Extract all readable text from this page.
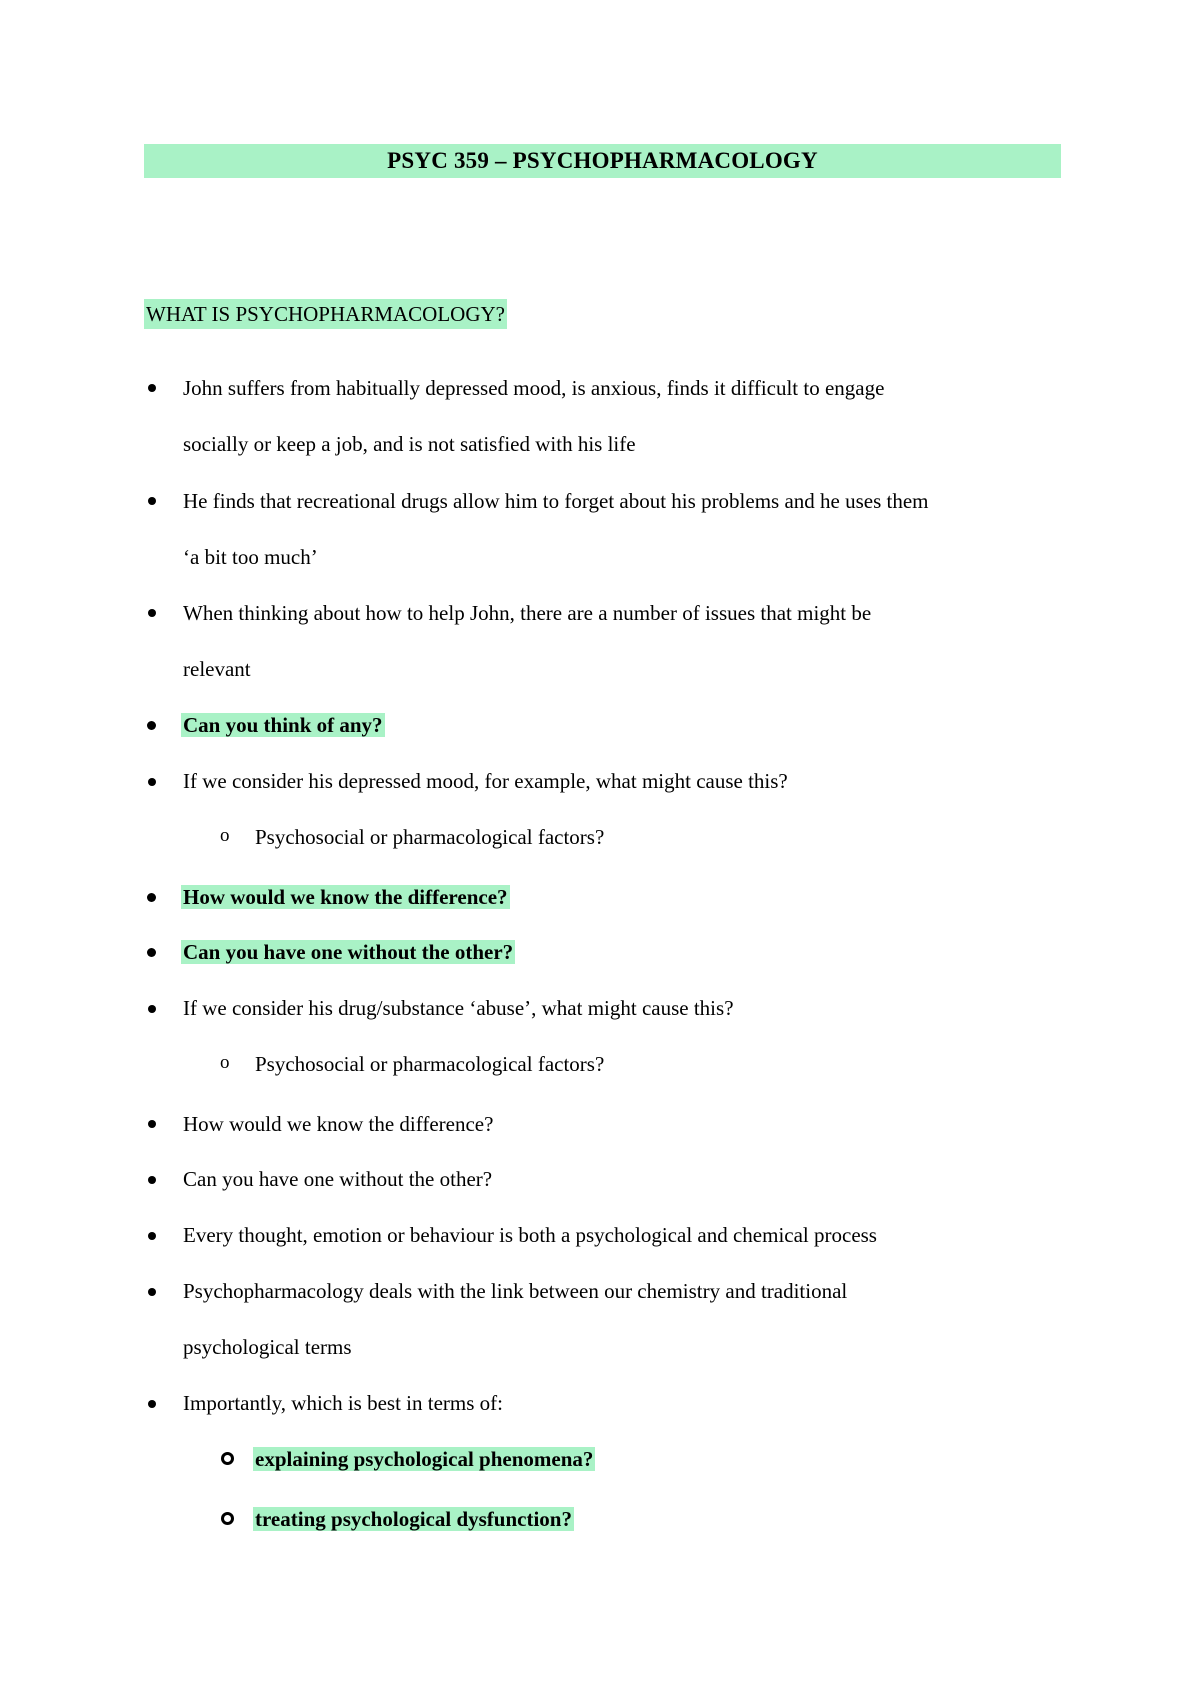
PSYC 359 – PSYCHOPHARMACOLOGY
WHAT IS PSYCHOPHARMACOLOGY?
John suffers from habitually depressed mood, is anxious, finds it difficult to engage
socially or keep a job, and is not satisfied with his life
He finds that recreational drugs allow him to forget about his problems and he uses them
‘a bit too much’
When thinking about how to help John, there are a number of issues that might be
relevant
Can you think of any?
If we consider his depressed mood, for example, what might cause this?
o Psychosocial or pharmacological factors?
How would we know the difference?
Can you have one without the other?
If we consider his drug/substance ‘abuse’, what might cause this?
o Psychosocial or pharmacological factors?
How would we know the difference?
Can you have one without the other?
Every thought, emotion or behaviour is both a psychological and chemical process
Psychopharmacology deals with the link between our chemistry and traditional
psychological terms
Importantly, which is best in terms of:
explaining psychological phenomena?
treating psychological dysfunction?
